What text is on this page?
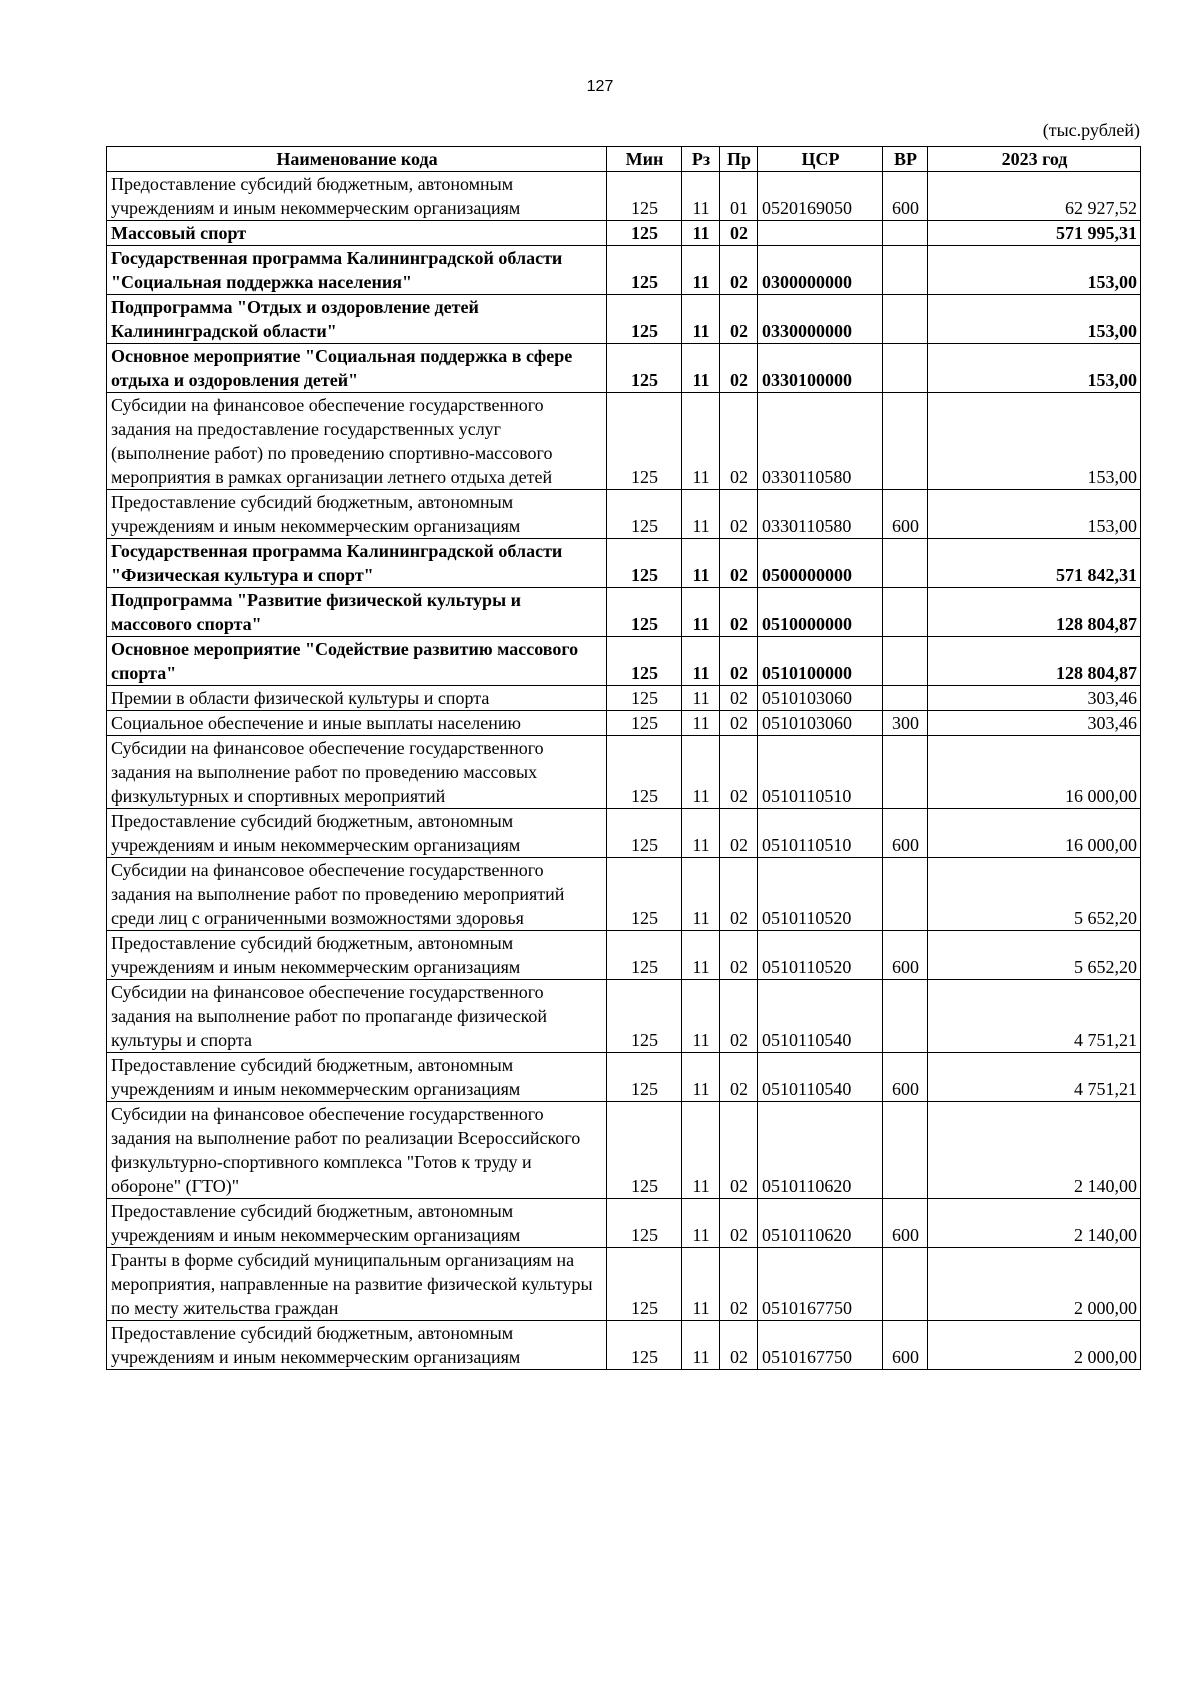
127
(тыс.рублей)
Наименование кода	Мин	Рз	Пр	ЦСР	ВР	2023 год
Предоставление субсидий бюджетным, автономным учреждениям и иным некоммерческим организациям	125	11	01	0520169050	600	62 927,52
Массовый спорт	125	11	02			571 995,31
Государственная программа Калининградской области "Социальная поддержка населения"	125	11	02	0300000000		153,00
Подпрограмма "Отдых и оздоровление детей Калининградской области"	125	11	02	0330000000		153,00
Основное мероприятие "Социальная поддержка в сфере отдыха и оздоровления детей"	125	11	02	0330100000		153,00
Субсидии на финансовое обеспечение государственного задания на предоставление государственных услуг (выполнение работ) по проведению спортивно-массового мероприятия в рамках организации летнего отдыха детей	125	11	02	0330110580		153,00
Предоставление субсидий бюджетным, автономным учреждениям и иным некоммерческим организациям	125	11	02	0330110580	600	153,00
Государственная программа Калининградской области "Физическая культура и спорт"	125	11	02	0500000000		571 842,31
Подпрограмма "Развитие физической культуры и массового спорта"	125	11	02	0510000000		128 804,87
Основное мероприятие "Содействие развитию массового спорта"	125	11	02	0510100000		128 804,87
Премии в области физической культуры и спорта	125	11	02	0510103060		303,46
Социальное обеспечение и иные выплаты населению	125	11	02	0510103060	300	303,46
Субсидии на финансовое обеспечение государственного задания на выполнение работ по проведению массовых физкультурных и спортивных мероприятий	125	11	02	0510110510		16 000,00
Предоставление субсидий бюджетным, автономным учреждениям и иным некоммерческим организациям	125	11	02	0510110510	600	16 000,00
Субсидии на финансовое обеспечение государственного задания на выполнение работ по проведению мероприятий среди лиц с ограниченными возможностями здоровья	125	11	02	0510110520		5 652,20
Предоставление субсидий бюджетным, автономным учреждениям и иным некоммерческим организациям	125	11	02	0510110520	600	5 652,20
Субсидии на финансовое обеспечение государственного задания на выполнение работ по пропаганде физической культуры и спорта	125	11	02	0510110540		4 751,21
Предоставление субсидий бюджетным, автономным учреждениям и иным некоммерческим организациям	125	11	02	0510110540	600	4 751,21
Субсидии на финансовое обеспечение государственного задания на выполнение работ по реализации Всероссийского физкультурно-спортивного комплекса "Готов к труду и обороне" (ГТО)"	125	11	02	0510110620		2 140,00
Предоставление субсидий бюджетным, автономным учреждениям и иным некоммерческим организациям	125	11	02	0510110620	600	2 140,00
Гранты в форме субсидий муниципальным организациям на мероприятия, направленные на развитие физической культуры по месту жительства граждан	125	11	02	0510167750		2 000,00
Предоставление субсидий бюджетным, автономным учреждениям и иным некоммерческим организациям	125	11	02	0510167750	600	2 000,00
